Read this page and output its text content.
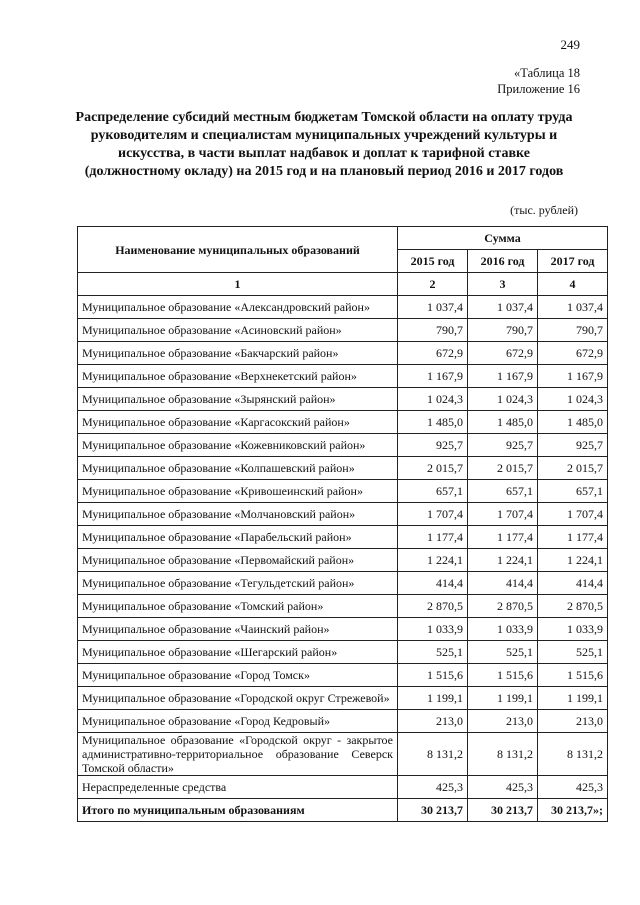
249
«Таблица 18
Приложение 16
Распределение субсидий местным бюджетам Томской области на оплату труда
руководителям и специалистам муниципальных учреждений культуры и
искусства, в части выплат надбавок и доплат к тарифной ставке
(должностному окладу) на 2015 год и на плановый период 2016 и 2017 годов
(тыс. рублей)
Наименование муниципальных образований	Сумма		
	2015 год	2016 год	2017 год
1	2	3	4
Муниципальное образование «Александровский район»	1 037,4	1 037,4	1 037,4
Муниципальное образование «Асиновский район»	790,7	790,7	790,7
Муниципальное образование «Бакчарский район»	672,9	672,9	672,9
Муниципальное образование «Верхнекетский район»	1 167,9	1 167,9	1 167,9
Муниципальное образование «Зырянский район»	1 024,3	1 024,3	1 024,3
Муниципальное образование «Каргасокский район»	1 485,0	1 485,0	1 485,0
Муниципальное образование «Кожевниковский район»	925,7	925,7	925,7
Муниципальное образование «Колпашевский район»	2 015,7	2 015,7	2 015,7
Муниципальное образование «Кривошеинский район»	657,1	657,1	657,1
Муниципальное образование «Молчановский район»	1 707,4	1 707,4	1 707,4
Муниципальное образование «Парабельский район»	1 177,4	1 177,4	1 177,4
Муниципальное образование «Первомайский район»	1 224,1	1 224,1	1 224,1
Муниципальное образование «Тегульдетский район»	414,4	414,4	414,4
Муниципальное образование «Томский район»	2 870,5	2 870,5	2 870,5
Муниципальное образование «Чаинский район»	1 033,9	1 033,9	1 033,9
Муниципальное образование «Шегарский район»	525,1	525,1	525,1
Муниципальное образование «Город Томск»	1 515,6	1 515,6	1 515,6
Муниципальное образование «Городской округ Стрежевой»	1 199,1	1 199,1	1 199,1
Муниципальное образование «Город Кедровый»	213,0	213,0	213,0
Муниципальное образование «Городской округ - закрытое административно-территориальное образование Северск Томской области»	8 131,2	8 131,2	8 131,2
Нераспределенные средства	425,3	425,3	425,3
Итого по муниципальным образованиям	30 213,7	30 213,7	30 213,7»;
